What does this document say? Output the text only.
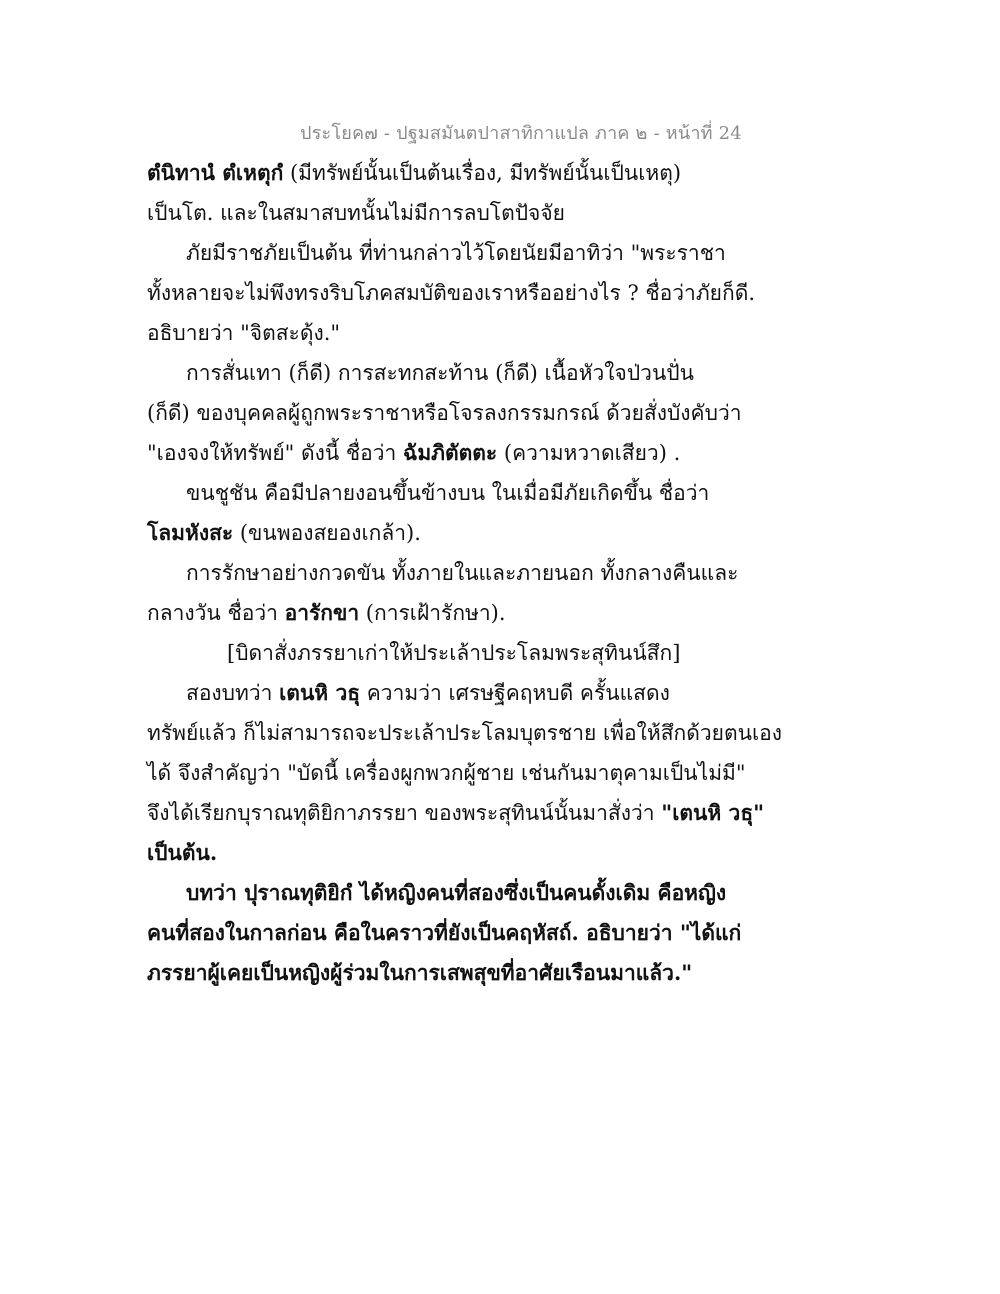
ประโยค๗ - ปฐมสมันตปาสาทิกาแปล ภาค ๒ - หน้าที่ 24
ตํนิทานํ ตํเหตุกํ (มีทรัพย์นั้นเป็นต้นเรื่อง, มีทรัพย์นั้นเป็นเหตุ)
เป็นโต. และในสมาสบทนั้นไม่มีการลบโตปัจจัย
ภัยมีราชภัยเป็นต้น ที่ท่านกล่าวไว้โดยนัยมีอาทิว่า "พระราชา
ทั้งหลายจะไม่พึงทรงริบโภคสมบัติของเราหรืออย่างไร ? ชื่อว่าภัยก็ดี.
อธิบายว่า "จิตสะดุ้ง."
การสั่นเทา (ก็ดี) การสะทกสะท้าน (ก็ดี) เนื้อหัวใจป่วนปั่น
(ก็ดี) ของบุคคลผู้ถูกพระราชาหรือโจรลงกรรมกรณ์ ด้วยสั่งบังคับว่า
"เองจงให้ทรัพย์" ดังนี้ ชื่อว่า ฉัมภิตัตตะ (ความหวาดเสียว) .
ขนชูชัน คือมีปลายงอนขึ้นข้างบน ในเมื่อมีภัยเกิดขึ้น ชื่อว่า
โลมหังสะ (ขนพองสยองเกล้า).
การรักษาอย่างกวดขัน ทั้งภายในและภายนอก ทั้งกลางคืนและ
กลางวัน ชื่อว่า อารักขา (การเฝ้ารักษา).
[บิดาสั่งภรรยาเก่าให้ประเล้าประโลมพระสุทินน์สึก]
สองบทว่า เตนหิ วธุ ความว่า เศรษฐีคฤหบดี ครั้นแสดง
ทรัพย์แล้ว ก็ไม่สามารถจะประเล้าประโลมบุตรชาย เพื่อให้สึกด้วยตนเอง
ได้ จึงสำคัญว่า "บัดนี้ เครื่องผูกพวกผู้ชาย เช่นกันมาตุคามเป็นไม่มี"
จึงได้เรียกบุราณทุติยิกาภรรยา ของพระสุทินน์นั้นมาสั่งว่า "เตนหิ วธุ"
เป็นต้น.
บทว่า ปุราณทุติยิกํ ได้หญิงคนที่สองซึ่งเป็นคนดั้งเดิม คือหญิง
คนที่สองในกาลก่อน คือในคราวที่ยังเป็นคฤหัสถ์. อธิบายว่า "ได้แก่
ภรรยาผู้เคยเป็นหญิงผู้ร่วมในการเสพสุขที่อาศัยเรือนมาแล้ว."
